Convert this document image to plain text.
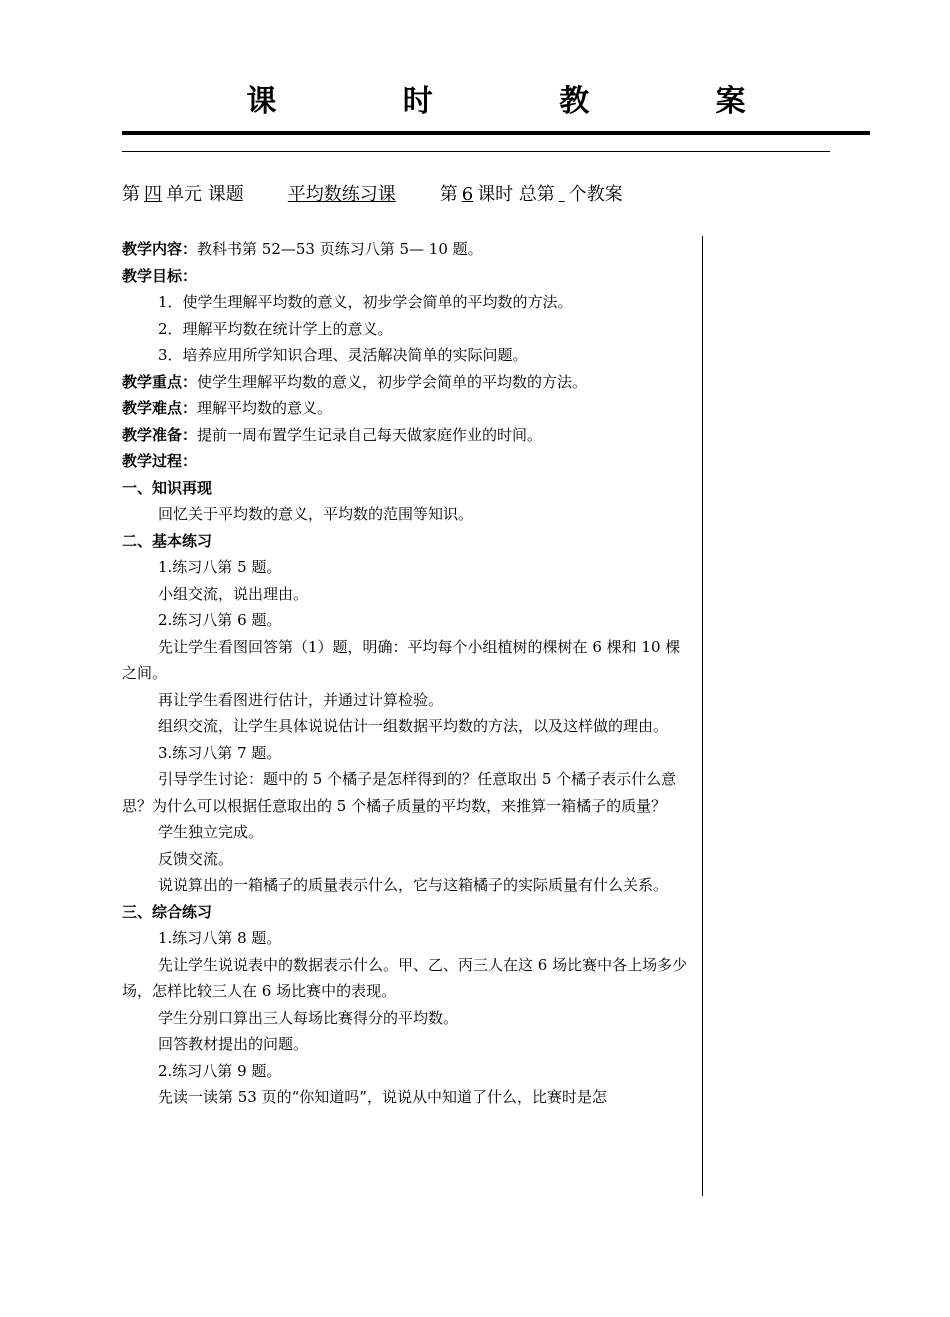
课 时 教 案
第 四 单元 课题 平均数练习课 第 6 课时 总第 个教案

教学内容：教科书第 52—53 页练习八第 5— 10 题。

教学目标：

1．使学生理解平均数的意义，初步学会简单的平均数的方法。

2．理解平均数在统计学上的意义。

3．培养应用所学知识合理、灵活解决简单的实际问题。

教学重点：使学生理解平均数的意义，初步学会简单的平均数的方法。

教学难点：理解平均数的意义。

教学准备：提前一周布置学生记录自己每天做家庭作业的时间。

教学过程：

一、知识再现

回忆关于平均数的意义，平均数的范围等知识。

二、基本练习

1.练习八第 5 题。

小组交流，说出理由。

2.练习八第 6 题。

先让学生看图回答第（1）题，明确：平均每个小组植树的棵树在 6 棵和 10 棵之间。

再让学生看图进行估计，并通过计算检验。

组织交流，让学生具体说说估计一组数据平均数的方法，以及这样做的理由。

3.练习八第 7 题。

引导学生讨论：题中的 5 个橘子是怎样得到的？任意取出 5 个橘子表示什么意思？为什么可以根据任意取出的 5 个橘子质量的平均数，来推算一箱橘子的质量？

学生独立完成。

反馈交流。

说说算出的一箱橘子的质量表示什么，它与这箱橘子的实际质量有什么关系。

三、综合练习

1.练习八第 8 题。

先让学生说说表中的数据表示什么。甲、乙、丙三人在这 6 场比赛中各上场多少场，怎样比较三人在 6 场比赛中的表现。

学生分别口算出三人每场比赛得分的平均数。

回答教材提出的问题。

2.练习八第 9 题。

先读一读第 53 页的“你知道吗”，说说从中知道了什么，比赛时是怎
